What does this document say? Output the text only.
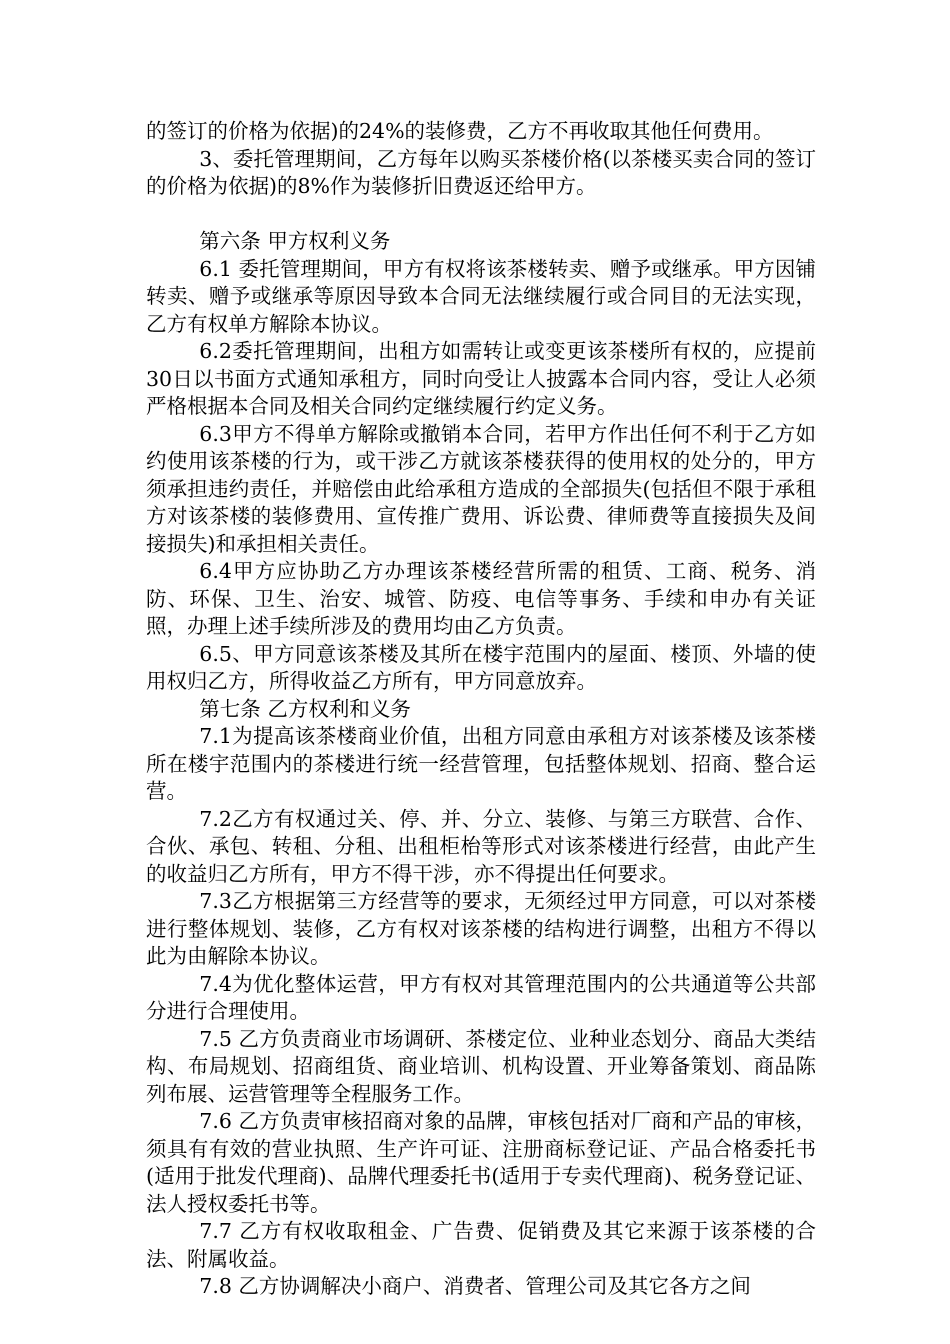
的签订的价格为依据)的24%的装修费，乙方不再收取其他任何费用。

3、委托管理期间，乙方每年以购买茶楼价格(以茶楼买卖合同的签订的价格为依据)的8%作为装修折旧费返还给甲方。

第六条 甲方权利义务

6.1 委托管理期间，甲方有权将该茶楼转卖、赠予或继承。甲方因铺转卖、赠予或继承等原因导致本合同无法继续履行或合同目的无法实现，乙方有权单方解除本协议。

6.2委托管理期间，出租方如需转让或变更该茶楼所有权的，应提前30日以书面方式通知承租方，同时向受让人披露本合同内容，受让人必须严格根据本合同及相关合同约定继续履行约定义务。

6.3甲方不得单方解除或撤销本合同，若甲方作出任何不利于乙方如约使用该茶楼的行为，或干涉乙方就该茶楼获得的使用权的处分的，甲方须承担违约责任，并赔偿由此给承租方造成的全部损失(包括但不限于承租方对该茶楼的装修费用、宣传推广费用、诉讼费、律师费等直接损失及间接损失)和承担相关责任。

6.4甲方应协助乙方办理该茶楼经营所需的租赁、工商、税务、消防、环保、卫生、治安、城管、防疫、电信等事务、手续和申办有关证照，办理上述手续所涉及的费用均由乙方负责。

6.5、甲方同意该茶楼及其所在楼宇范围内的屋面、楼顶、外墙的使用权归乙方，所得收益乙方所有，甲方同意放弃。

第七条 乙方权利和义务

7.1为提高该茶楼商业价值，出租方同意由承租方对该茶楼及该茶楼所在楼宇范围内的茶楼进行统一经营管理，包括整体规划、招商、整合运营。

7.2乙方有权通过关、停、并、分立、装修、与第三方联营、合作、合伙、承包、转租、分租、出租柜枱等形式对该茶楼进行经营，由此产生的收益归乙方所有，甲方不得干涉，亦不得提出任何要求。

7.3乙方根据第三方经营等的要求，无须经过甲方同意，可以对茶楼进行整体规划、装修，乙方有权对该茶楼的结构进行调整，出租方不得以此为由解除本协议。

7.4为优化整体运营，甲方有权对其管理范围内的公共通道等公共部分进行合理使用。

7.5 乙方负责商业市场调研、茶楼定位、业种业态划分、商品大类结构、布局规划、招商组货、商业培训、机构设置、开业筹备策划、商品陈列布展、运营管理等全程服务工作。

7.6 乙方负责审核招商对象的品牌，审核包括对厂商和产品的审核，须具有有效的营业执照、生产许可证、注册商标登记证、产品合格委托书(适用于批发代理商)、品牌代理委托书(适用于专卖代理商)、税务登记证、法人授权委托书等。

7.7 乙方有权收取租金、广告费、促销费及其它来源于该茶楼的合法、附属收益。

7.8 乙方协调解决小商户、消费者、管理公司及其它各方之间
